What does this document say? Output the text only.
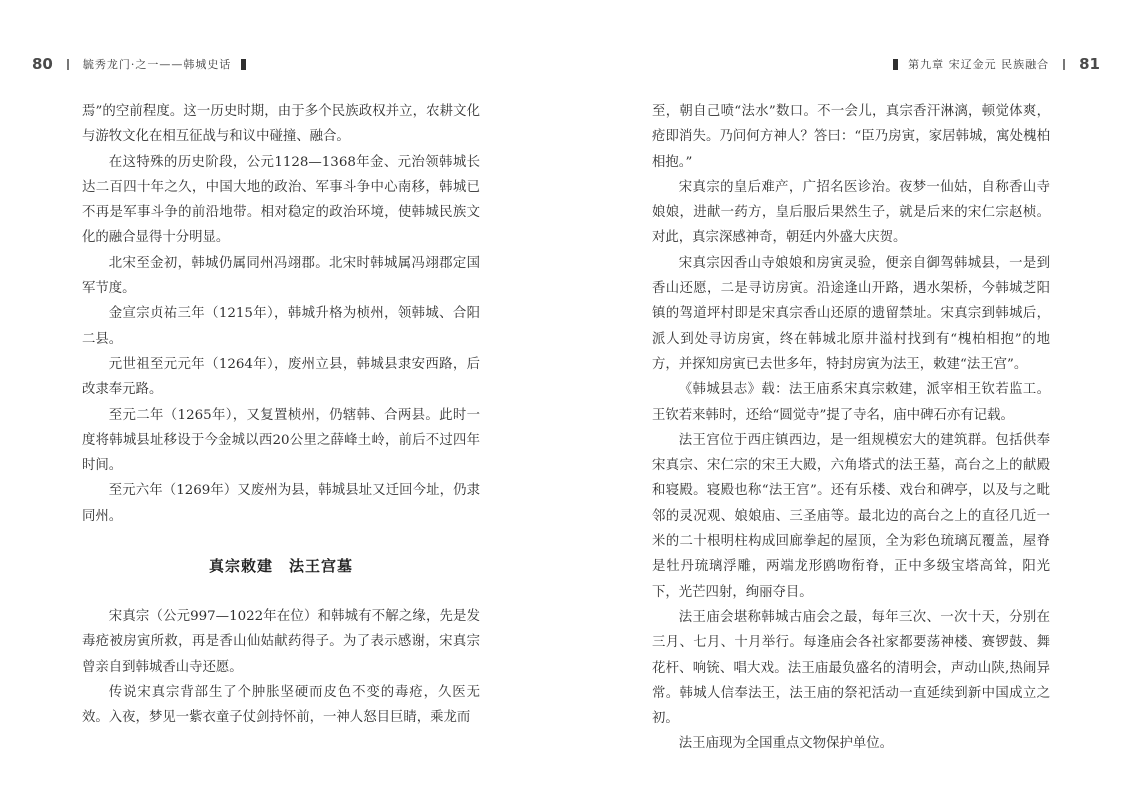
80	毓秀龙门·之一——韩城史话

焉”的空前程度。这一历史时期，由于多个民族政权并立，农耕文化与游牧文化在相互征战与和议中碰撞、融合。

在这特殊的历史阶段，公元1128—1368年金、元治领韩城长达二百四十年之久，中国大地的政治、军事斗争中心南移，韩城已不再是军事斗争的前沿地带。相对稳定的政治环境，使韩城民族文化的融合显得十分明显。

北宋至金初，韩城仍属同州冯翊郡。北宋时韩城属冯翊郡定国军节度。

金宣宗贞祐三年（1215年），韩城升格为桢州，领韩城、合阳二县。

元世祖至元元年（1264年），废州立县，韩城县隶安西路，后改隶奉元路。

至元二年（1265年），又复置桢州，仍辖韩、合两县。此时一度将韩城县址移设于今金城以西20公里之薛峰土岭，前后不过四年时间。

至元六年（1269年）又废州为县，韩城县址又迁回今址，仍隶同州。

真宗敕建　法王宫墓

宋真宗（公元997—1022年在位）和韩城有不解之缘，先是发毒疮被房寅所救，再是香山仙姑献药得子。为了表示感谢，宋真宗曾亲自到韩城香山寺还愿。

传说宋真宗背部生了个肿胀坚硬而皮色不变的毒疮，久医无效。入夜，梦见一紫衣童子仗剑持怀前，一神人怒目巨睛，乘龙而

第九章 宋辽金元 民族融合 81

至，朝自己喷“法水”数口。不一会儿，真宗香汗淋漓，顿觉体爽，疮即消失。乃问何方神人？答曰：“臣乃房寅，家居韩城，寓处槐柏相抱。”

宋真宗的皇后难产，广招名医诊治。夜梦一仙姑，自称香山寺娘娘，进献一药方，皇后服后果然生子，就是后来的宋仁宗赵桢。对此，真宗深感神奇，朝廷内外盛大庆贺。

宋真宗因香山寺娘娘和房寅灵验，便亲自御驾韩城县，一是到香山还愿，二是寻访房寅。沿途逢山开路，遇水架桥，今韩城芝阳镇的驾道坪村即是宋真宗香山还原的遗留禁址。宋真宗到韩城后，派人到处寻访房寅，终在韩城北原井溢村找到有“槐柏相抱”的地方，并探知房寅已去世多年，特封房寅为法王，敕建“法王宫”。

《韩城县志》载：法王庙系宋真宗敕建，派宰相王钦若监工。王钦若来韩时，还给“圆觉寺”提了寺名，庙中碑石亦有记载。

法王宫位于西庄镇西边，是一组规模宏大的建筑群。包括供奉宋真宗、宋仁宗的宋王大殿，六角塔式的法王墓，高台之上的献殿和寝殿。寝殿也称“法王宫”。还有乐楼、戏台和碑亭，以及与之毗邻的灵况观、娘娘庙、三圣庙等。最北边的高台之上的直径几近一米的二十根明柱构成回廊拳起的屋顶，全为彩色琉璃瓦覆盖，屋脊是牡丹琉璃浮雕，两端龙形鸥吻衔脊，正中多级宝塔高耸，阳光下，光芒四射，绚丽夺目。

法王庙会堪称韩城古庙会之最，每年三次、一次十天，分别在三月、七月、十月举行。每逢庙会各社家都要荡神楼、赛锣鼓、舞花杆、响铳、唱大戏。法王庙最负盛名的清明会，声动山陕,热闹异常。韩城人信奉法王，法王庙的祭祀活动一直延续到新中国成立之初。

法王庙现为全国重点文物保护单位。
